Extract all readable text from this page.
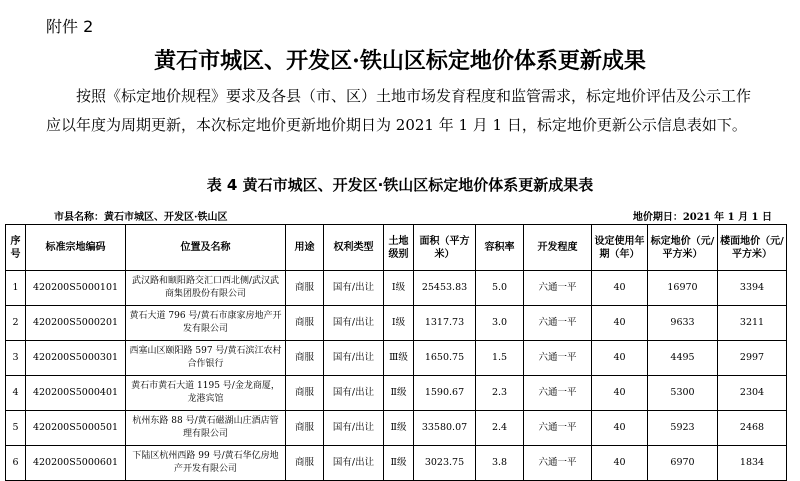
附件 2
黄石市城区、开发区·铁山区标定地价体系更新成果
　　按照《标定地价规程》要求及各县（市、区）土地市场发育程度和监管需求，标定地价评估及公示工作应以年度为周期更新，本次标定地价更新地价期日为 2021 年 1 月 1 日，标定地价更新公示信息表如下。
表 4 黄石市城区、开发区·铁山区标定地价体系更新成果表
市县名称：黄石市城区、开发区·铁山区	地价期日：2021 年 1 月 1 日
序号	标准宗地编码	位置及名称	用途	权利类型	土地级别	面积（平方米）	容积率	开发程度	设定使用年期（年）	标定地价（元/平方米）	楼面地价（元/平方米）
1	420200S5000101	武汉路和颐阳路交汇口西北侧/武汉武商集团股份有限公司	商服	国有/出让	Ⅰ级	25453.83	5.0	六通一平	40	16970	3394
2	420200S5000201	黄石大道 796 号/黄石市康家房地产开发有限公司	商服	国有/出让	Ⅰ级	1317.73	3.0	六通一平	40	9633	3211
3	420200S5000301	西塞山区颐阳路 597 号/黄石滨江农村合作银行	商服	国有/出让	Ⅲ级	1650.75	1.5	六通一平	40	4495	2997
4	420200S5000401	黄石市黄石大道 1195 号/金龙商厦，龙港宾馆	商服	国有/出让	Ⅱ级	1590.67	2.3	六通一平	40	5300	2304
5	420200S5000501	杭州东路 88 号/黄石磁湖山庄酒店管理有限公司	商服	国有/出让	Ⅱ级	33580.07	2.4	六通一平	40	5923	2468
6	420200S5000601	下陆区杭州西路 99 号/黄石华亿房地产开发有限公司	商服	国有/出让	Ⅱ级	3023.75	3.8	六通一平	40	6970	1834
